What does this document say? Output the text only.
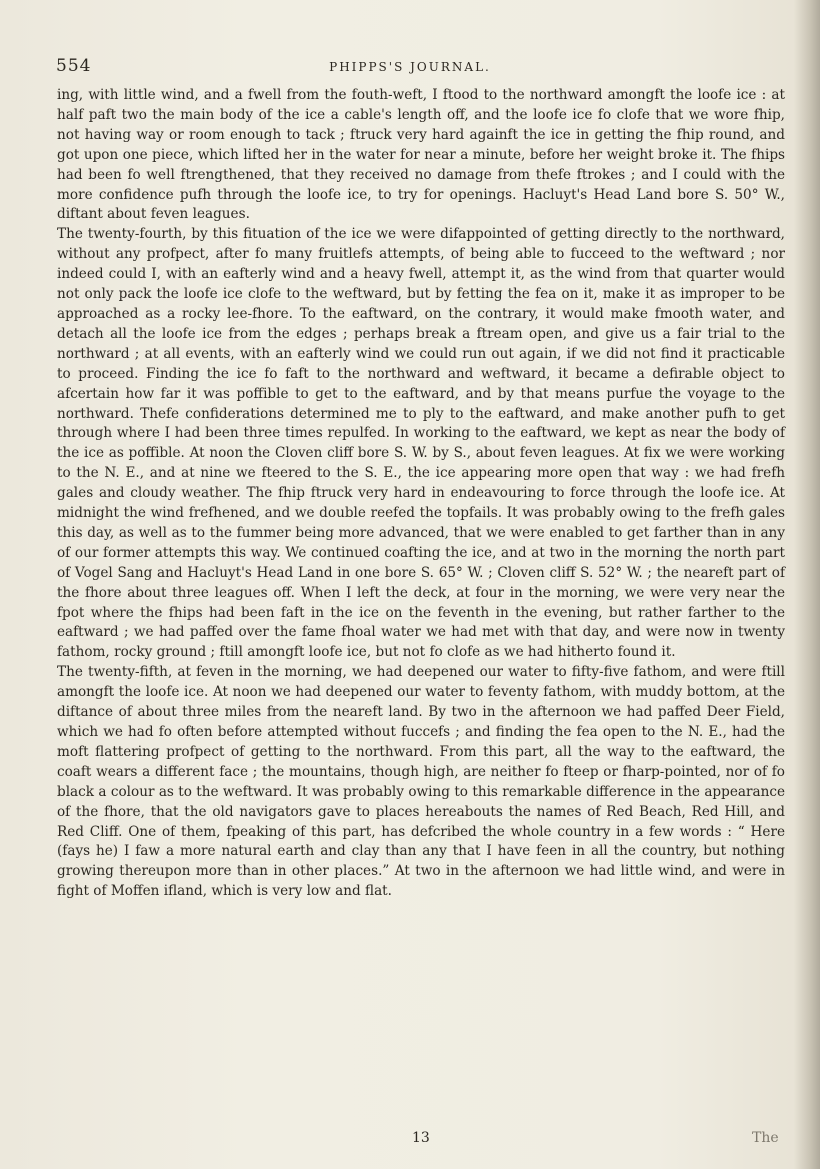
554	PHIPPS'S JOURNAL.

ing, with little wind, and a fwell from the fouth-weft, I ftood to the northward amongft the loofe ice : at half paft two the main body of the ice a cable's length off, and the loofe ice fo clofe that we wore fhip, not having way or room enough to tack ; ftruck very hard againft the ice in getting the fhip round, and got upon one piece, which lifted her in the water for near a minute, before her weight broke it. The fhips had been fo well ftrengthened, that they received no damage from thefe ftrokes ; and I could with the more confidence pufh through the loofe ice, to try for openings. Hacluyt's Head Land bore S. 50° W., diftant about feven leagues.

The twenty-fourth, by this fituation of the ice we were difappointed of getting directly to the northward, without any profpect, after fo many fruitlefs attempts, of being able to fucceed to the weftward ; nor indeed could I, with an eafterly wind and a heavy fwell, attempt it, as the wind from that quarter would not only pack the loofe ice clofe to the weftward, but by fetting the fea on it, make it as improper to be approached as a rocky lee-fhore. To the eaftward, on the contrary, it would make fmooth water, and detach all the loofe ice from the edges ; perhaps break a ftream open, and give us a fair trial to the northward ; at all events, with an eafterly wind we could run out again, if we did not find it practicable to proceed. Finding the ice fo faft to the northward and weftward, it became a defirable object to afcertain how far it was poffible to get to the eaftward, and by that means purfue the voyage to the northward. Thefe confiderations determined me to ply to the eaftward, and make another pufh to get through where I had been three times repulfed. In working to the eaftward, we kept as near the body of the ice as poffible. At noon the Cloven cliff bore S. W. by S., about feven leagues. At fix we were working to the N. E., and at nine we fteered to the S. E., the ice appearing more open that way : we had frefh gales and cloudy weather. The fhip ftruck very hard in endeavouring to force through the loofe ice. At midnight the wind frefhened, and we double reefed the topfails. It was probably owing to the frefh gales this day, as well as to the fummer being more advanced, that we were enabled to get farther than in any of our former attempts this way. We continued coafting the ice, and at two in the morning the north part of Vogel Sang and Hacluyt's Head Land in one bore S. 65° W. ; Cloven cliff S. 52° W. ; the neareft part of the fhore about three leagues off. When I left the deck, at four in the morning, we were very near the fpot where the fhips had been faft in the ice on the feventh in the evening, but rather farther to the eaftward ; we had paffed over the fame fhoal water we had met with that day, and were now in twenty fathom, rocky ground ; ftill amongft loofe ice, but not fo clofe as we had hitherto found it.

The twenty-fifth, at feven in the morning, we had deepened our water to fifty-five fathom, and were ftill amongft the loofe ice. At noon we had deepened our water to feventy fathom, with muddy bottom, at the diftance of about three miles from the neareft land. By two in the afternoon we had paffed Deer Field, which we had fo often before attempted without fuccefs ; and finding the fea open to the N. E., had the moft flattering profpect of getting to the northward. From this part, all the way to the eaftward, the coaft wears a different face ; the mountains, though high, are neither fo fteep or fharp-pointed, nor of fo black a colour as to the weftward. It was probably owing to this remarkable difference in the appearance of the fhore, that the old navigators gave to places hereabouts the names of Red Beach, Red Hill, and Red Cliff. One of them, fpeaking of this part, has defcribed the whole country in a few words : “ Here (fays he) I faw a more natural earth and clay than any that I have feen in all the country, but nothing growing thereupon more than in other places.” At two in the afternoon we had little wind, and were in fight of Moffen ifland, which is very low and flat.

13	The
